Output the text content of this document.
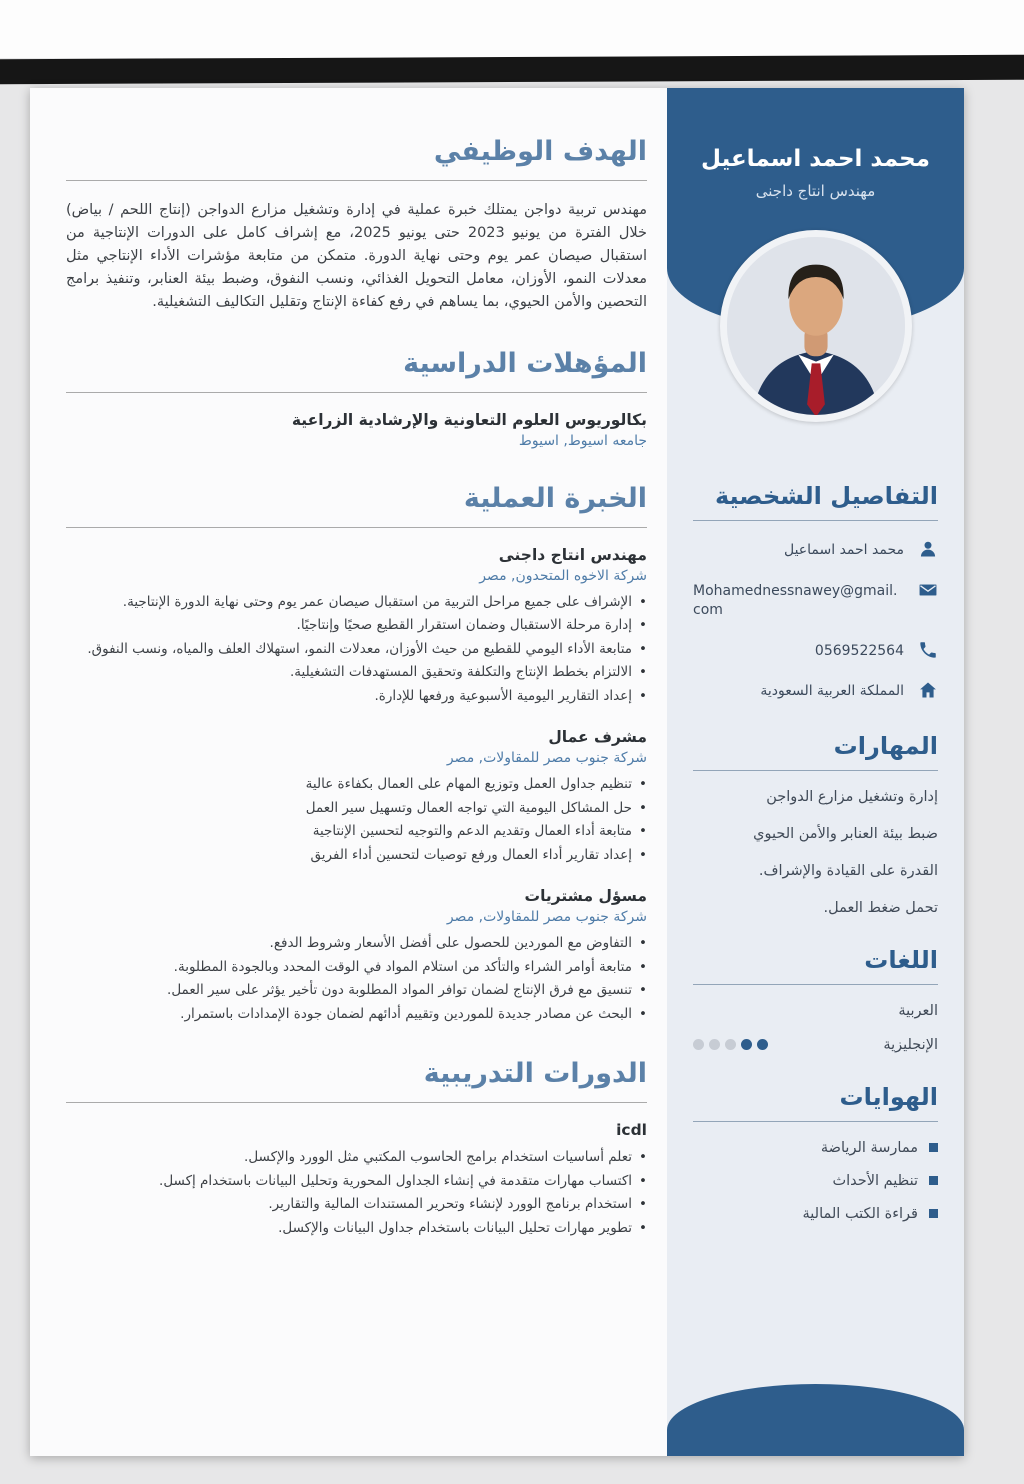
الهدف الوظيفي

مهندس تربية دواجن يمتلك خبرة عملية في إدارة وتشغيل مزارع الدواجن (إنتاج اللحم / بياض) خلال الفترة من يونيو 2023 حتى يونيو 2025، مع إشراف كامل على الدورات الإنتاجية من استقبال صيصان عمر يوم وحتى نهاية الدورة. متمكن من متابعة مؤشرات الأداء الإنتاجي مثل معدلات النمو، الأوزان، معامل التحويل الغذائي، ونسب النفوق، وضبط بيئة العنابر، وتنفيذ برامج التحصين والأمن الحيوي، بما يساهم في رفع كفاءة الإنتاج وتقليل التكاليف التشغيلية.

المؤهلات الدراسية
بكالوريوس العلوم التعاونية والإرشادية الزراعية
جامعه اسيوط, اسيوط
الخبرة العملية
مهندس انتاج داجنى
شركة الاخوه المتحدون, مصر
• الإشراف على جميع مراحل التربية من استقبال صيصان عمر يوم وحتى نهاية الدورة الإنتاجية.
• إدارة مرحلة الاستقبال وضمان استقرار القطيع صحيًا وإنتاجيًا.
• متابعة الأداء اليومي للقطيع من حيث الأوزان، معدلات النمو، استهلاك العلف والمياه، ونسب النفوق.
• الالتزام بخطط الإنتاج والتكلفة وتحقيق المستهدفات التشغيلية.
• إعداد التقارير اليومية الأسبوعية ورفعها للإدارة.
مشرف عمال
شركة جنوب مصر للمقاولات, مصر
• تنظيم جداول العمل وتوزيع المهام على العمال بكفاءة عالية
• حل المشاكل اليومية التي تواجه العمال وتسهيل سير العمل
• متابعة أداء العمال وتقديم الدعم والتوجيه لتحسين الإنتاجية
• إعداد تقارير أداء العمال ورفع توصيات لتحسين أداء الفريق
مسؤل مشتريات
شركة جنوب مصر للمقاولات, مصر
• التفاوض مع الموردين للحصول على أفضل الأسعار وشروط الدفع.
• متابعة أوامر الشراء والتأكد من استلام المواد في الوقت المحدد وبالجودة المطلوبة.
• تنسيق مع فرق الإنتاج لضمان توافر المواد المطلوبة دون تأخير يؤثر على سير العمل.
• البحث عن مصادر جديدة للموردين وتقييم أدائهم لضمان جودة الإمدادات باستمرار.
الدورات التدريبية
icdl
• تعلم أساسيات استخدام برامج الحاسوب المكتبي مثل الوورد والإكسل.
• اكتساب مهارات متقدمة في إنشاء الجداول المحورية وتحليل البيانات باستخدام إكسل.
• استخدام برنامج الوورد لإنشاء وتحرير المستندات المالية والتقارير.
• تطوير مهارات تحليل البيانات باستخدام جداول البيانات والإكسل.
محمد احمد اسماعيل
مهندس انتاج داجنى
التفاصيل الشخصية
محمد احمد اسماعيل
Mohamednessnawey@gmail.com
0569522564
المملكة العربية السعودية
المهارات
إدارة وتشغيل مزارع الدواجن
ضبط بيئة العنابر والأمن الحيوي
القدرة على القيادة والإشراف.
تحمل ضغط العمل.
اللغات
العربية
الإنجليزية
الهوايات
ممارسة الرياضة
تنظيم الأحداث
قراءة الكتب المالية
